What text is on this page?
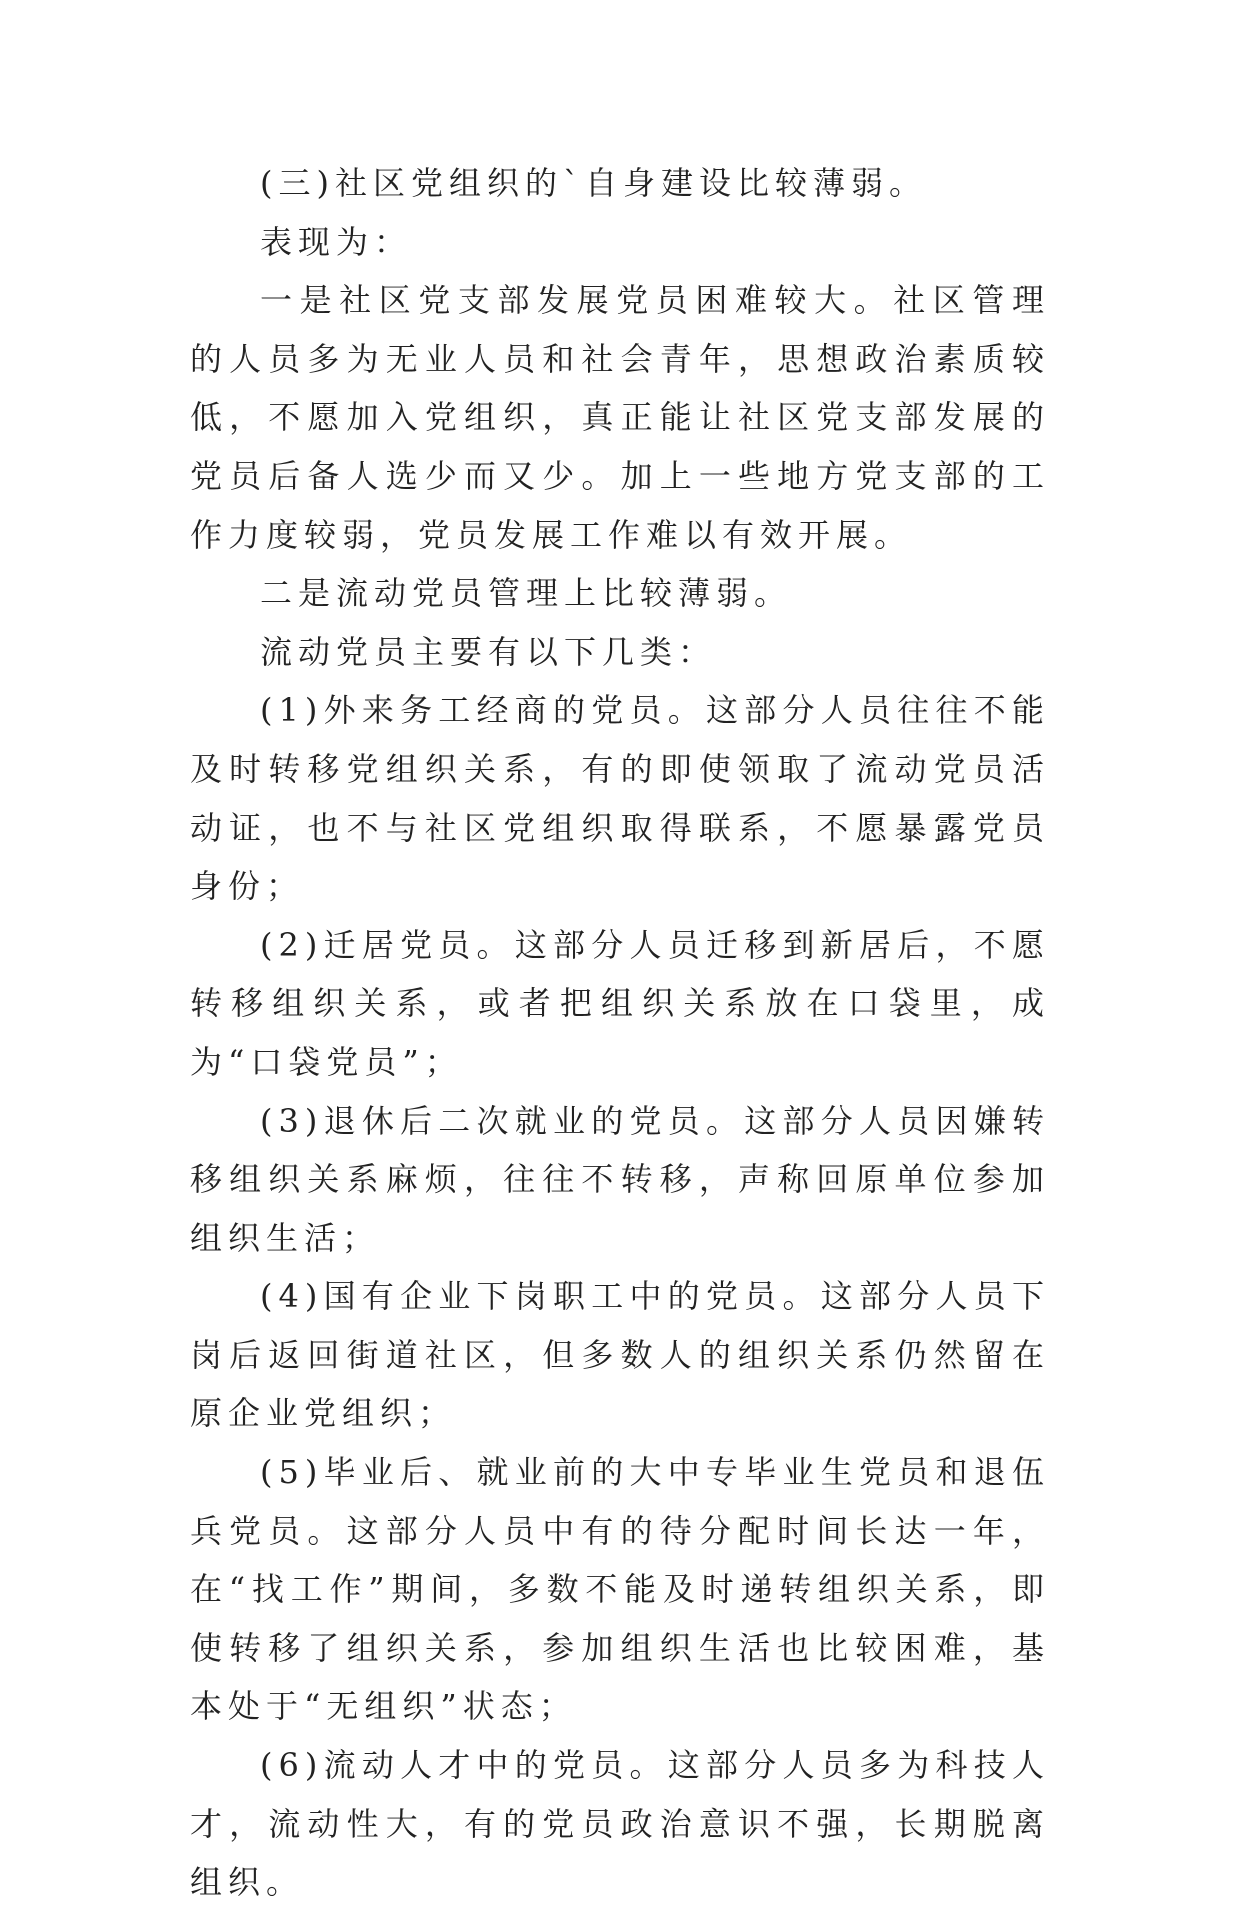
(三)社区党组织的`自身建设比较薄弱。

表现为：

一是社区党支部发展党员困难较大。社区管理的人员多为无业人员和社会青年，思想政治素质较低，不愿加入党组织，真正能让社区党支部发展的党员后备人选少而又少。加上一些地方党支部的工作力度较弱，党员发展工作难以有效开展。

二是流动党员管理上比较薄弱。

流动党员主要有以下几类：

(1)外来务工经商的党员。这部分人员往往不能及时转移党组织关系，有的即使领取了流动党员活动证，也不与社区党组织取得联系，不愿暴露党员身份；

(2)迁居党员。这部分人员迁移到新居后，不愿转移组织关系，或者把组织关系放在口袋里，成为“口袋党员”；

(3)退休后二次就业的党员。这部分人员因嫌转移组织关系麻烦，往往不转移，声称回原单位参加组织生活；

(4)国有企业下岗职工中的党员。这部分人员下岗后返回街道社区，但多数人的组织关系仍然留在原企业党组织；

(5)毕业后、就业前的大中专毕业生党员和退伍兵党员。这部分人员中有的待分配时间长达一年，在“找工作”期间，多数不能及时递转组织关系，即使转移了组织关系，参加组织生活也比较困难，基本处于“无组织”状态；

(6)流动人才中的党员。这部分人员多为科技人才，流动性大，有的党员政治意识不强，长期脱离组织。
